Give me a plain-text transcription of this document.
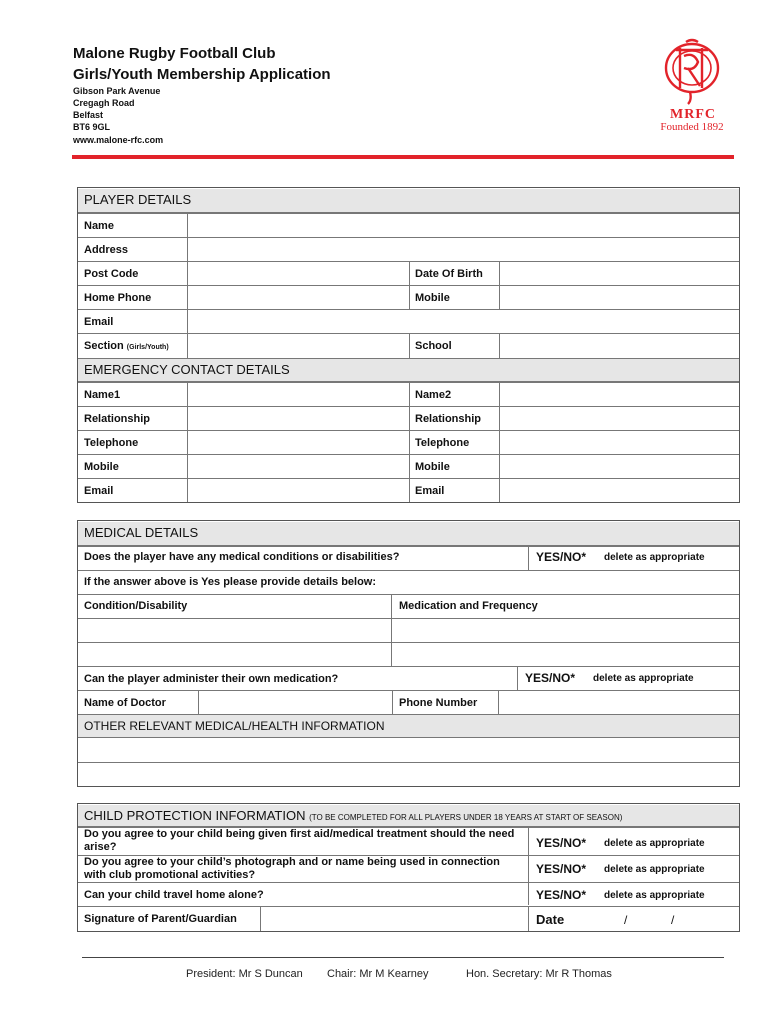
Malone Rugby Football Club
Girls/Youth Membership Application
Gibson Park Avenue
Cregagh Road
Belfast
BT6 9GL
www.malone-rfc.com
MRFC
Founded 1892
PLAYER DETAILS
Name
Address
Post Code	Date Of Birth
Home Phone	Mobile
Email
Section (Girls/Youth)	School
EMERGENCY CONTACT DETAILS
Name1	Name2
Relationship	Relationship
Telephone	Telephone
Mobile	Mobile
Email	Email
MEDICAL DETAILS
Does the player have any medical conditions or disabilities?	YES/NO* delete as appropriate
If the answer above is Yes please provide details below:
Condition/Disability	Medication and Frequency
Can the player administer their own medication?	YES/NO* delete as appropriate
Name of Doctor	Phone Number
OTHER RELEVANT MEDICAL/HEALTH INFORMATION
CHILD PROTECTION INFORMATION (TO BE COMPLETED FOR ALL PLAYERS UNDER 18 YEARS AT START OF SEASON)
Do you agree to your child being given first aid/medical treatment should the need arise?	YES/NO* delete as appropriate
Do you agree to your child’s photograph and or name being used in connection with club promotional activities?	YES/NO* delete as appropriate
Can your child travel home alone?	YES/NO* delete as appropriate
Signature of Parent/Guardian	Date	/	/
President: Mr S Duncan Chair: Mr M Kearney	Hon. Secretary: Mr R Thomas
